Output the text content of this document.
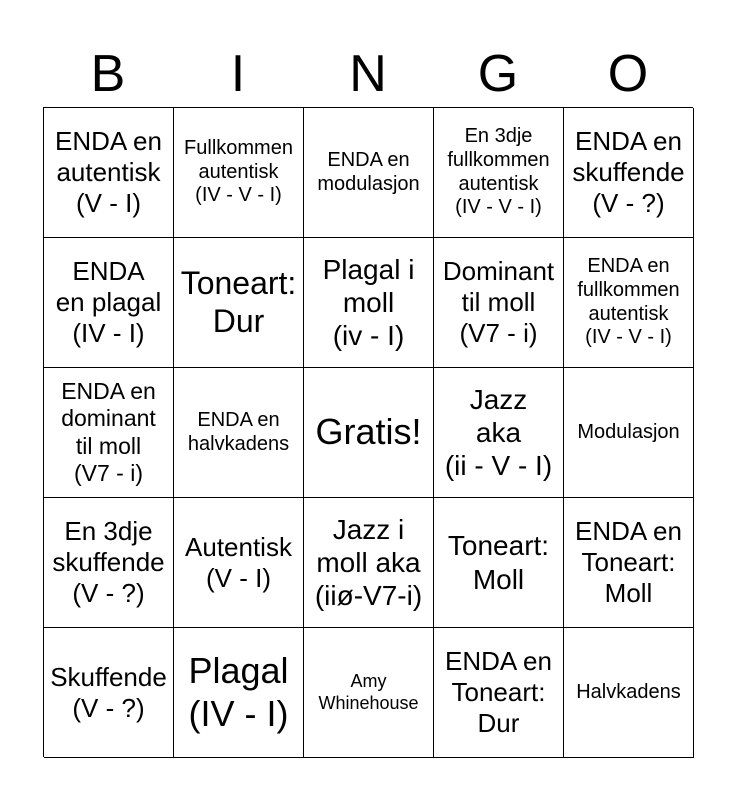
B	I	N	G	O
ENDA en
autentisk
(V - I)
Fullkommen
autentisk
(IV - V - I)
ENDA en
modulasjon
En 3dje
fullkommen
autentisk
(IV - V - I)
ENDA en
skuffende
(V - ?)
ENDA
en plagal
(IV - I)
Toneart:
Dur
Plagal i
moll
(iv - I)
Dominant
til moll
(V7 - i)
ENDA en
fullkommen
autentisk
(IV - V - I)
ENDA en
dominant
til moll
(V7 - i)
ENDA en
halvkadens Gratis!
Jazz
aka
(ii - V - I)
Modulasjon
En 3dje
skuffende
(V - ?)
Autentisk
(V - I)
Jazz i
moll aka
(iiø-V7-i)
Toneart:
Moll
ENDA en
Toneart:
Moll
Skuffende
(V - ?)
Plagal
(IV - I)
Amy
Whinehouse
ENDA en
Toneart:
Dur
Halvkadens
